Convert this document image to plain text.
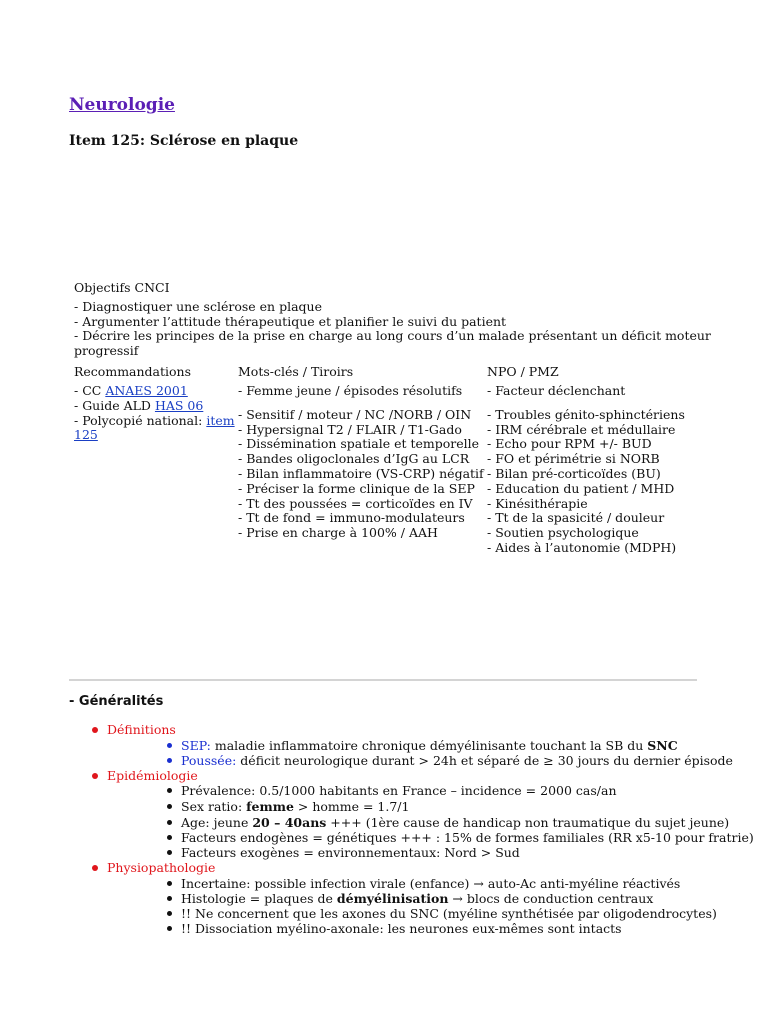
Neurologie
Item 125: Sclérose en plaque
Objectifs CNCI
- Diagnostiquer une sclérose en plaque
- Argumenter l’attitude thérapeutique et planifier le suivi du patient
- Décrire les principes de la prise en charge au long cours d’un malade présentant un déficit moteur
progressif
Recommandations
- CC ANAES 2001
- Guide ALD HAS 06
- Polycopié national: item
125
Mots-clés / Tiroirs
- Femme jeune / épisodes résolutifs
- Sensitif / moteur / NC /NORB / OIN
- Hypersignal T2 / FLAIR / T1-Gado
- Dissémination spatiale et temporelle
- Bandes oligoclonales d’IgG au LCR
- Bilan inflammatoire (VS-CRP) négatif
- Préciser la forme clinique de la SEP
- Tt des poussées = corticoïdes en IV
- Tt de fond = immuno-modulateurs
- Prise en charge à 100% / AAH
NPO / PMZ
- Facteur déclenchant
- Troubles génito-sphinctériens
- IRM cérébrale et médullaire
- Echo pour RPM +/- BUD
- FO et périmétrie si NORB
- Bilan pré-corticoïdes (BU)
- Education du patient / MHD
- Kinésithérapie
- Tt de la spasicité / douleur
- Soutien psychologique
- Aides à l’autonomie (MDPH)
- Généralités
Définitions
SEP: maladie inflammatoire chronique démyélinisante touchant la SB du SNC
Poussée: déficit neurologique durant > 24h et séparé de ≥ 30 jours du dernier épisode
Epidémiologie
Prévalence: 0.5/1000 habitants en France – incidence = 2000 cas/an
Sex ratio: femme > homme = 1.7/1
Age: jeune 20 – 40ans +++ (1ère cause de handicap non traumatique du sujet jeune)
Facteurs endogènes = génétiques +++ : 15% de formes familiales (RR x5-10 pour fratrie)
Facteurs exogènes = environnementaux: Nord > Sud
Physiopathologie
Incertaine: possible infection virale (enfance) → auto-Ac anti-myéline réactivés
Histologie = plaques de démyélinisation → blocs de conduction centraux
!! Ne concernent que les axones du SNC (myéline synthétisée par oligodendrocytes)
!! Dissociation myélino-axonale: les neurones eux-mêmes sont intacts
